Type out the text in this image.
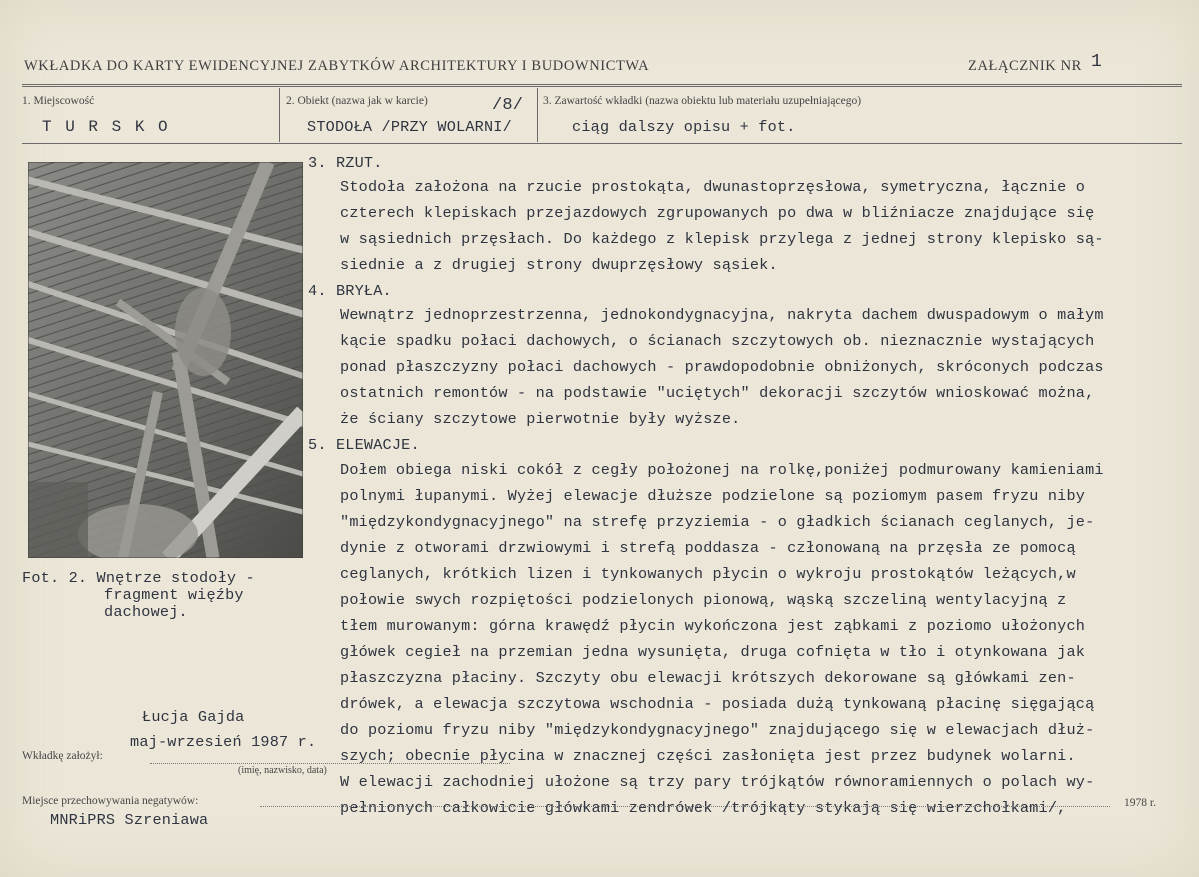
WKŁADKA DO KARTY EWIDENCYJNEJ ZABYTKÓW ARCHITEKTURY I BUDOWNICTWA	ZAŁĄCZNIK NR 1
1. Miejscowość
T U R S K O
2. Obiekt (nazwa jak w karcie)	/8/
STODOŁA /PRZY WOLARNI/
3. Zawartość wkładki (nazwa obiektu lub materiału uzupełniającego)
ciąg dalszy opisu + fot.
Fot. 2. Wnętrze stodoły -
fragment więźby
dachowej.
3. RZUT.
Stodoła założona na rzucie prostokąta, dwunastoprzęsłowa, symetryczna, łącznie o
czterech klepiskach przejazdowych zgrupowanych po dwa w bliźniacze znajdujące się
w sąsiednich przęsłach. Do każdego z klepisk przylega z jednej strony klepisko są-
siednie a z drugiej strony dwuprzęsłowy sąsiek.
4. BRYŁA.
Wewnątrz jednoprzestrzenna, jednokondygnacyjna, nakryta dachem dwuspadowym o małym
kącie spadku połaci dachowych, o ścianach szczytowych ob. nieznacznie wystających
ponad płaszczyzny połaci dachowych - prawdopodobnie obniżonych, skróconych podczas
ostatnich remontów - na podstawie "uciętych" dekoracji szczytów wnioskować można,
że ściany szczytowe pierwotnie były wyższe.
5. ELEWACJE.
Dołem obiega niski cokół z cegły położonej na rolkę,poniżej podmurowany kamieniami
polnymi łupanymi. Wyżej elewacje dłuższe podzielone są poziomym pasem fryzu niby
"międzykondygnacyjnego" na strefę przyziemia - o gładkich ścianach ceglanych, je-
dynie z otworami drzwiowymi i strefą poddasza - członowaną na przęsła ze pomocą
ceglanych, krótkich lizen i tynkowanych płycin o wykroju prostokątów leżących,w
połowie swych rozpiętości podzielonych pionową, wąską szczeliną wentylacyjną z
tłem murowanym: górna krawędź płycin wykończona jest ząbkami z poziomo ułożonych
główek cegieł na przemian jedna wysunięta, druga cofnięta w tło i otynkowana jak
płaszczyzna płaciny. Szczyty obu elewacji krótszych dekorowane są główkami zen-
drówek, a elewacja szczytowa wschodnia - posiada dużą tynkowaną płacinę sięgającą
do poziomu fryzu niby "międzykondygnacyjnego" znajdującego się w elewacjach dłuż-
szych; obecnie płycina w znacznej części zasłonięta jest przez budynek wolarni.
W elewacji zachodniej ułożone są trzy pary trójkątów równoramiennych o polach wy-
pełnionych całkowicie główkami zendrówek /trójkąty stykają się wierzchołkami/,
Łucja Gajda
maj-wrzesień 1987 r.
Wkładkę założył:
(imię, nazwisko, data)
Miejsce przechowywania negatywów:
MNRiPRS Szreniawa
1978 r.
